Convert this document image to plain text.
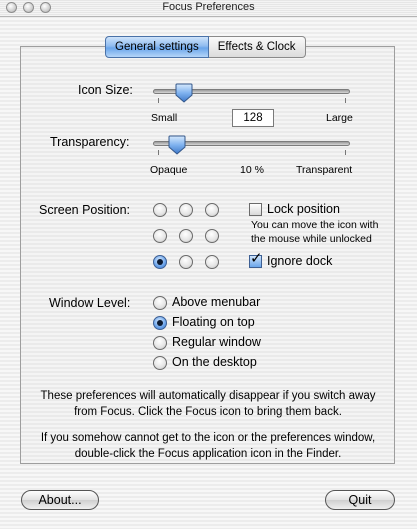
Focus Preferences
General settings	Effects & Clock
Icon Size:
Small
128	Large
Transparency:
Opaque	10 %	Transparent
Screen Position:	Lock position
You can move the icon with
the mouse while unlocked
✓ Ignore dock
Window Level:	Above menubar
Floating on top
Regular window
On the desktop
These preferences will automatically disappear if you switch away
from Focus. Click the Focus icon to bring them back.
If you somehow cannot get to the icon or the preferences window,
double-click the Focus application icon in the Finder.
About...	Quit
